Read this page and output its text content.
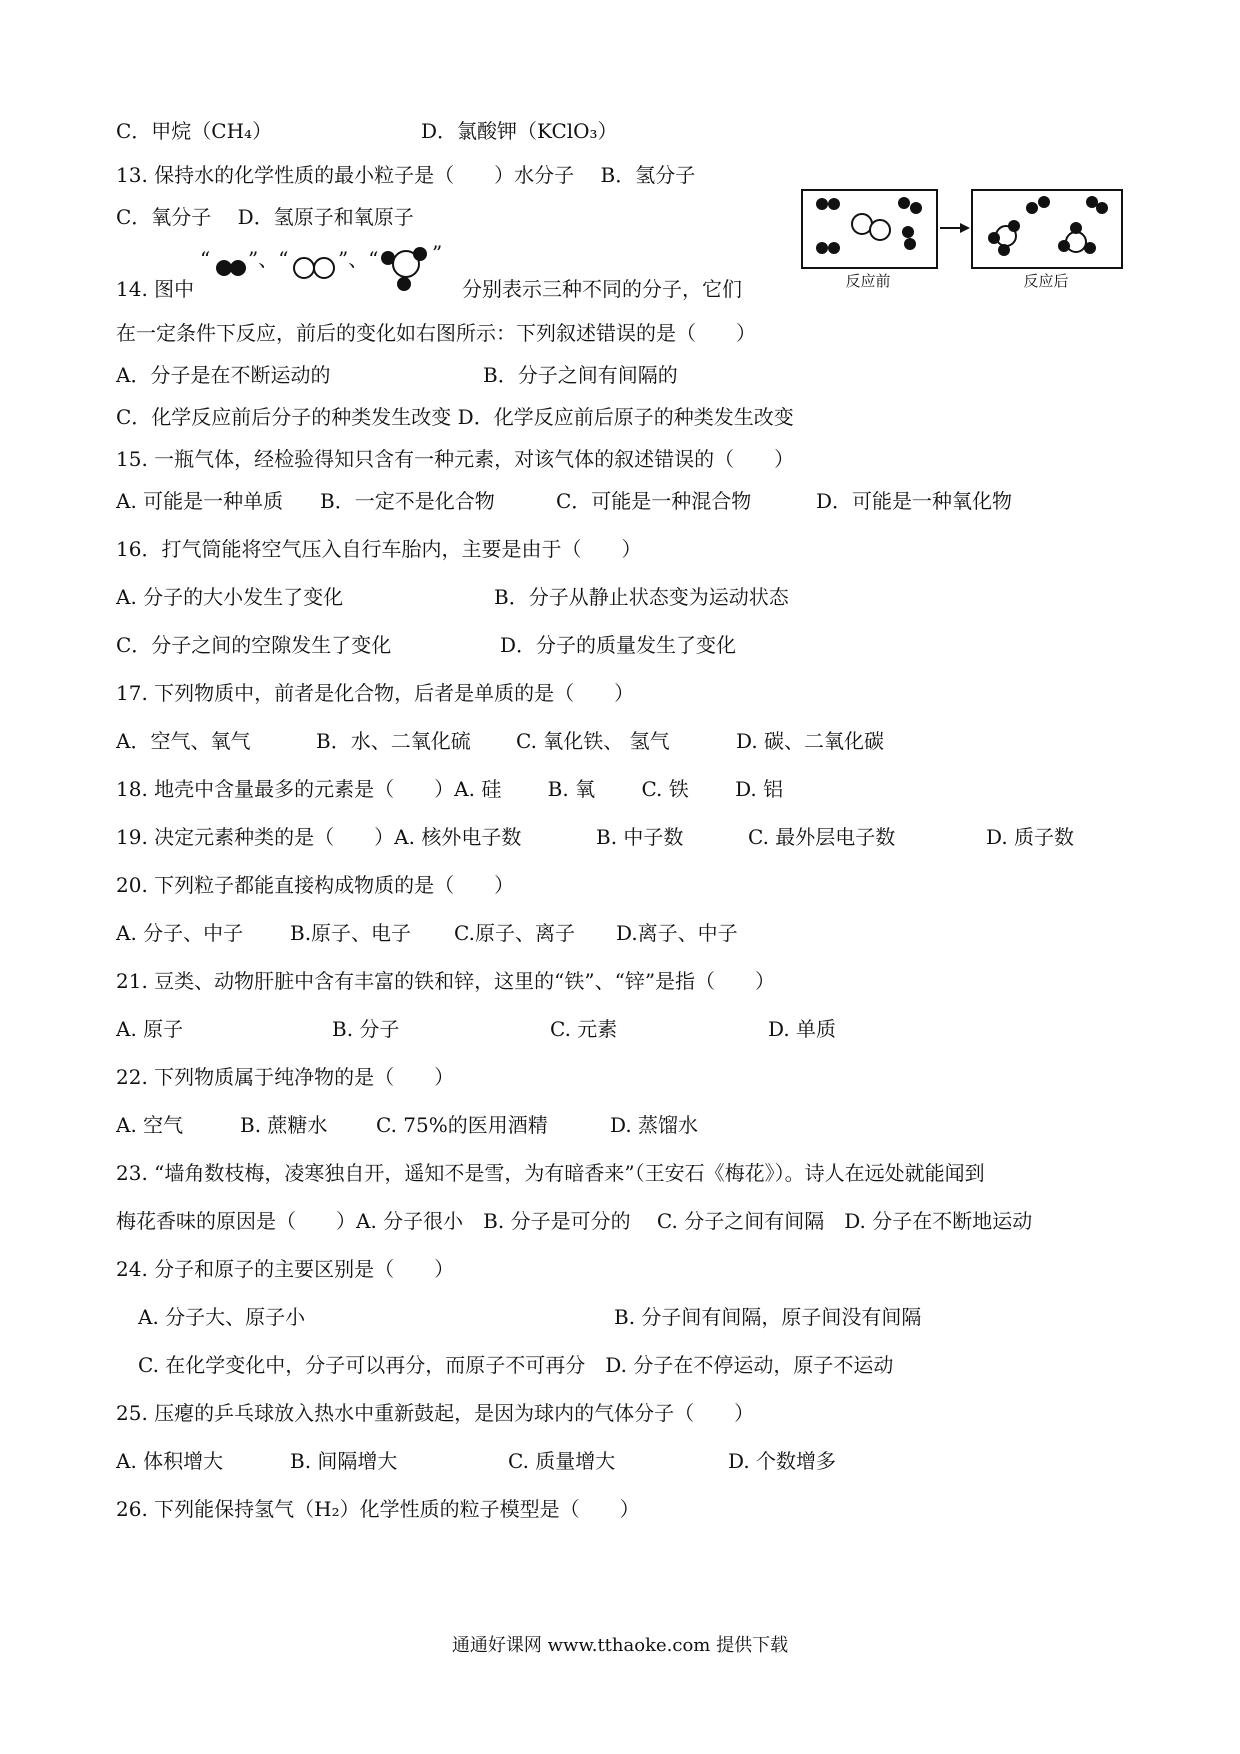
C．甲烷（CH₄）	D．氯酸钾（KClO₃）
13. 保持水的化学性质的最小粒子是（　　）水分子　 B．氢分子
C．氧分子　 D．氢原子和氧原子
14. 图中
“ ”、“ ”、“	”
分别表示三种不同的分子，它们
在一定条件下反应，前后的变化如右图所示：下列叙述错误的是（　　）
A．分子是在不断运动的	B．分子之间有间隔的
C．化学反应前后分子的种类发生改变 D．化学反应前后原子的种类发生改变
15. 一瓶气体，经检验得知只含有一种元素，对该气体的叙述错误的（　　）
A. 可能是一种单质 B．一定不是化合物	C．可能是一种混合物	D．可能是一种氧化物
16．打气筒能将空气压入自行车胎内，主要是由于（　　）
A. 分子的大小发生了变化	B．分子从静止状态变为运动状态
C．分子之间的空隙发生了变化	D．分子的质量发生了变化
17. 下列物质中，前者是化合物，后者是单质的是（　　）
A．空气、氧气	B．水、二氧化硫 C. 氧化铁、 氢气	D. 碳、二氧化碳
18. 地壳中含量最多的元素是（　　）A. 硅　　 B. 氧　　 C. 铁　　 D. 铝
19. 决定元素种类的是（　　）A. 核外电子数	B. 中子数	C. 最外层电子数	D. 质子数
20. 下列粒子都能直接构成物质的是（　　）
A. 分子、中子 B.原子、电子 C.原子、离子 D.离子、中子
21. 豆类、动物肝脏中含有丰富的铁和锌，这里的“铁”、“锌”是指（　　）
A. 原子	B. 分子	C. 元素	D. 单质
22. 下列物质属于纯净物的是（　　）
A. 空气	B. 蔗糖水 C. 75%的医用酒精	D. 蒸馏水
23. “墙角数枝梅，凌寒独自开，遥知不是雪，为有暗香来”（王安石《梅花》）。诗人在远处就能闻到
梅花香味的原因是（　　）A. 分子很小　B. 分子是可分的　 C. 分子之间有间隔　D. 分子在不断地运动
24. 分子和原子的主要区别是（　　）
A. 分子大、原子小	B. 分子间有间隔，原子间没有间隔
C. 在化学变化中，分子可以再分，而原子不可再分　D. 分子在不停运动，原子不运动
25. 压瘪的乒乓球放入热水中重新鼓起，是因为球内的气体分子（　　）
A. 体积增大	B. 间隔增大	C. 质量增大	D. 个数增多
26. 下列能保持氢气（H₂）化学性质的粒子模型是（　　）
反应前	反应后
通通好课网 www.tthaoke.com 提供下载
